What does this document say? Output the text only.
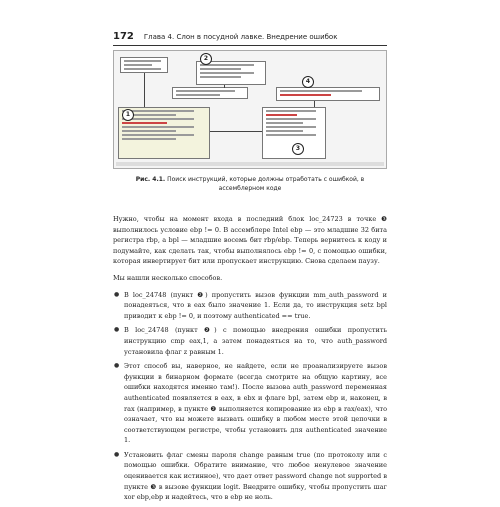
172 Глава 4. Слон в посудной лавке. Внедрение ошибок
1
2
3
4
Рис. 4.1. Поиск инструкций, которые должны отработать с ошибкой, в ассемблерном коде

Нужно, чтобы на момент входа в последний блок loc_24723 в точке ❸ выполнилось условие ebp != 0. В ассемблере Intel ebp — это младшие 32 бита регистра rbp, а bpl — младшие восемь бит rbp/ebp. Теперь вернитесь к коду и подумайте, как сделать так, чтобы выполнялось ebp != 0, с помощью ошибки, которая инвертирует бит или пропускает инструкцию. Снова сделаем паузу.

Мы нашли несколько способов.

● В loc_24748 (пункт ❷) пропустить вызов функции mm_auth_password и понадеяться, что в eax было значение 1. Если да, то инструкция setz bpl приводит к ebp != 0, и поэтому authenticated == true.
● В loc_24748 (пункт ❷) с помощью внедрения ошибки пропустить инструкцию cmp eax,1, а затем понадеяться на то, что auth_password установила флаг z равным 1.
● Этот способ вы, наверное, не найдете, если не проанализируете вызов функции в бинарном формате (всегда смотрите на общую картину, все ошибки находятся именно там!). После вызова auth_password переменная authenticated появляется в eax, в ebx и флаге bpl, затем ebp и, наконец, в rax (например, в пункте ❷ выполняется копирование из ebp в rax/eax), что означает, что вы можете вызвать ошибку в любом месте этой цепочки в соответствующем регистре, чтобы установить для authenticated значение 1.
● Установить флаг смены пароля change равным true (по протоколу или с помощью ошибки. Обратите внимание, что любое ненулевое значение оценивается как истинное), что дает ответ password change not supported в пункте ❸ в вызове функции logit. Внедрите ошибку, чтобы пропустить шаг xor ebp,ebp и надейтесь, что в ebp не ноль.
